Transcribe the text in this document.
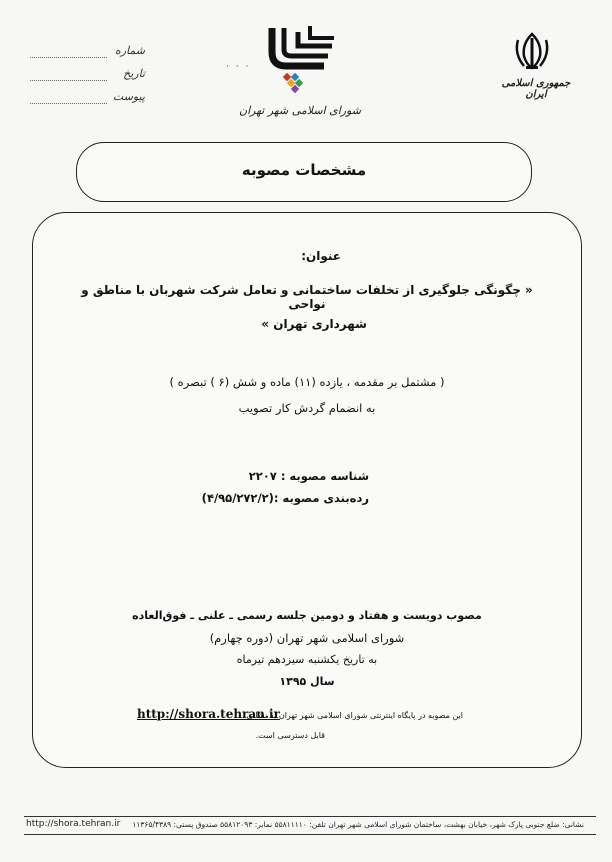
شماره
تاریخ
پیوست
· · ·
شورای اسلامی شهر تهران
جمهوری اسلامی ایران
مشخصات مصوبه
عنوان:
« چگونگی جلوگیری از تخلفات ساختمانی و تعامل شرکت شهربان با مناطق و نواحی
شهرداری تهران »
( مشتمل بر مقدمه ، یازده (۱۱) ماده و شش (۶ ) تبصره )
به انضمام گردش کار تصویب
شناسه مصوبه : ۲۲۰۷
رده‌بندی مصوبه :(۴/۹۵/۲۷۲/۲)
مصوب دویست و هفتاد و دومین جلسه رسمی ـ علنی ـ فوق‌العاده
شورای اسلامی شهر تهران (دوره چهارم)
به تاریخ یکشنبه سیزدهم تیرماه
سال ۱۳۹۵
این مصوبه در پایگاه اینترنتی شورای اسلامی شهر تهران به نشانی
http://shora.tehran.ir
قابل دسترسی است.
نشانی: ضلع جنوبی پارک شهر، خیابان بهشت، ساختمان شورای اسلامی شهر تهران تلفن: ۵۵۸۱۱۱۱۰ نمابر: ۵۵۸۱۲۰۹۳ صندوق پستی: ۱۱۳۶۵/۴۳۸۹
http://shora.tehran.ir
